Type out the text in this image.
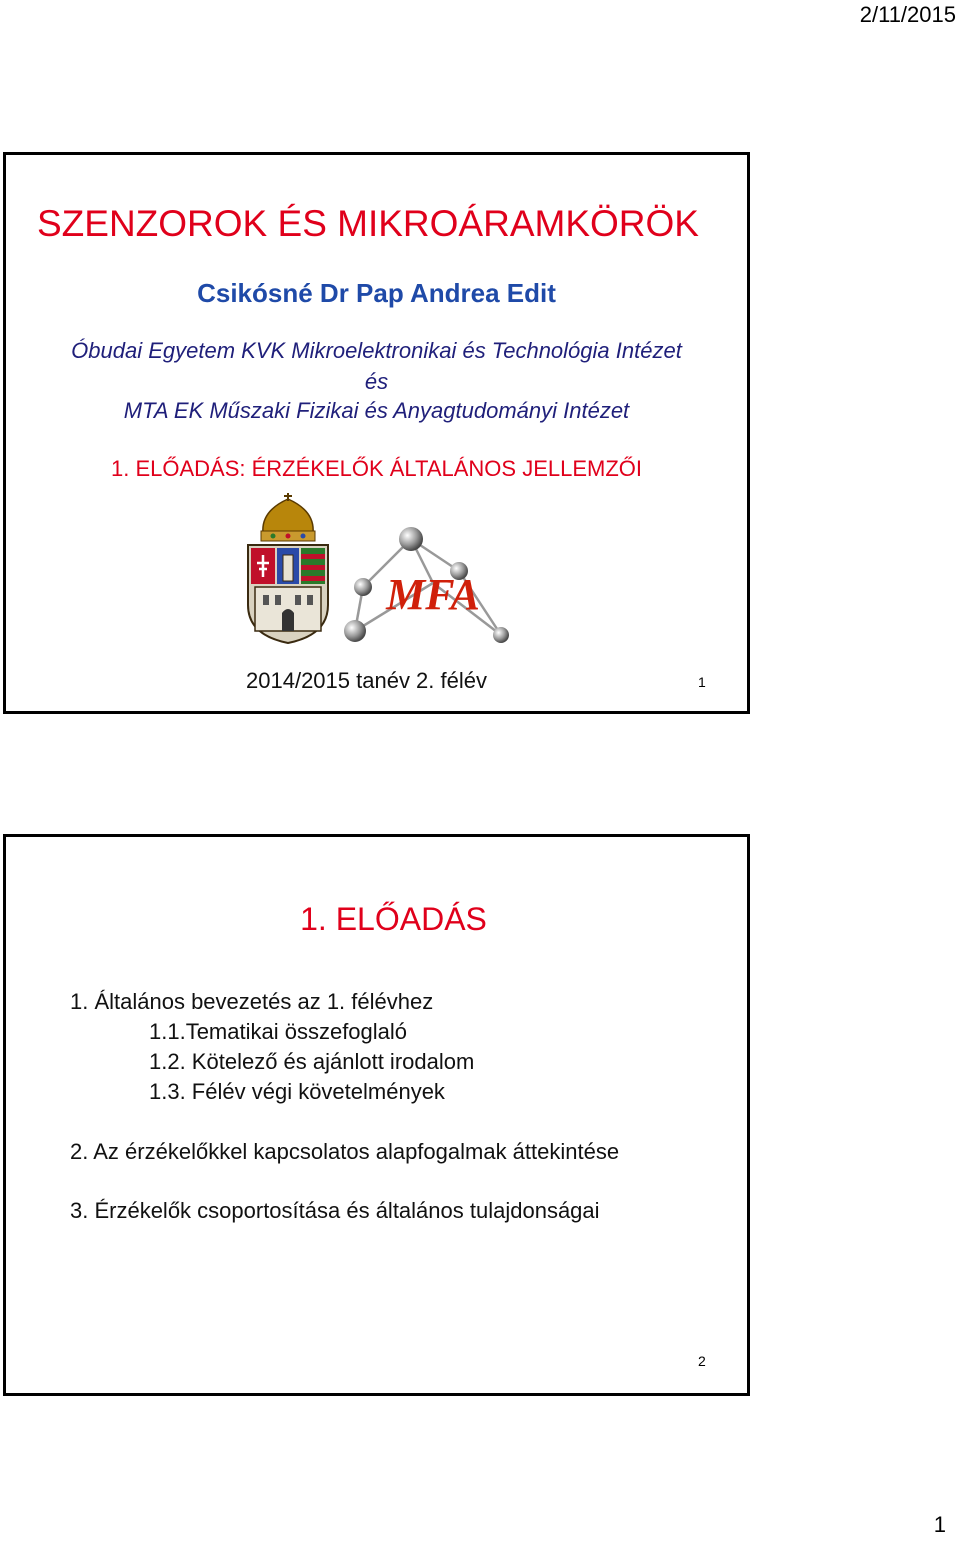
2/11/2015
SZENZOROK ÉS MIKROÁRAMKÖRÖK
Csikósné Dr Pap Andrea Edit
Óbudai Egyetem KVK Mikroelektronikai és Technológia Intézet
és
MTA EK Műszaki Fizikai és Anyagtudományi Intézet
1. ELŐADÁS: ÉRZÉKELŐK ÁLTALÁNOS JELLEMZŐI
MFA
2014/2015 tanév 2. félév	1
1. ELŐADÁS
1. Általános bevezetés az 1. félévhez
1.1.Tematikai összefoglaló
1.2. Kötelező és ajánlott irodalom
1.3. Félév végi követelmények
2. Az érzékelőkkel kapcsolatos alapfogalmak áttekintése
3. Érzékelők csoportosítása és általános tulajdonságai
2
1
